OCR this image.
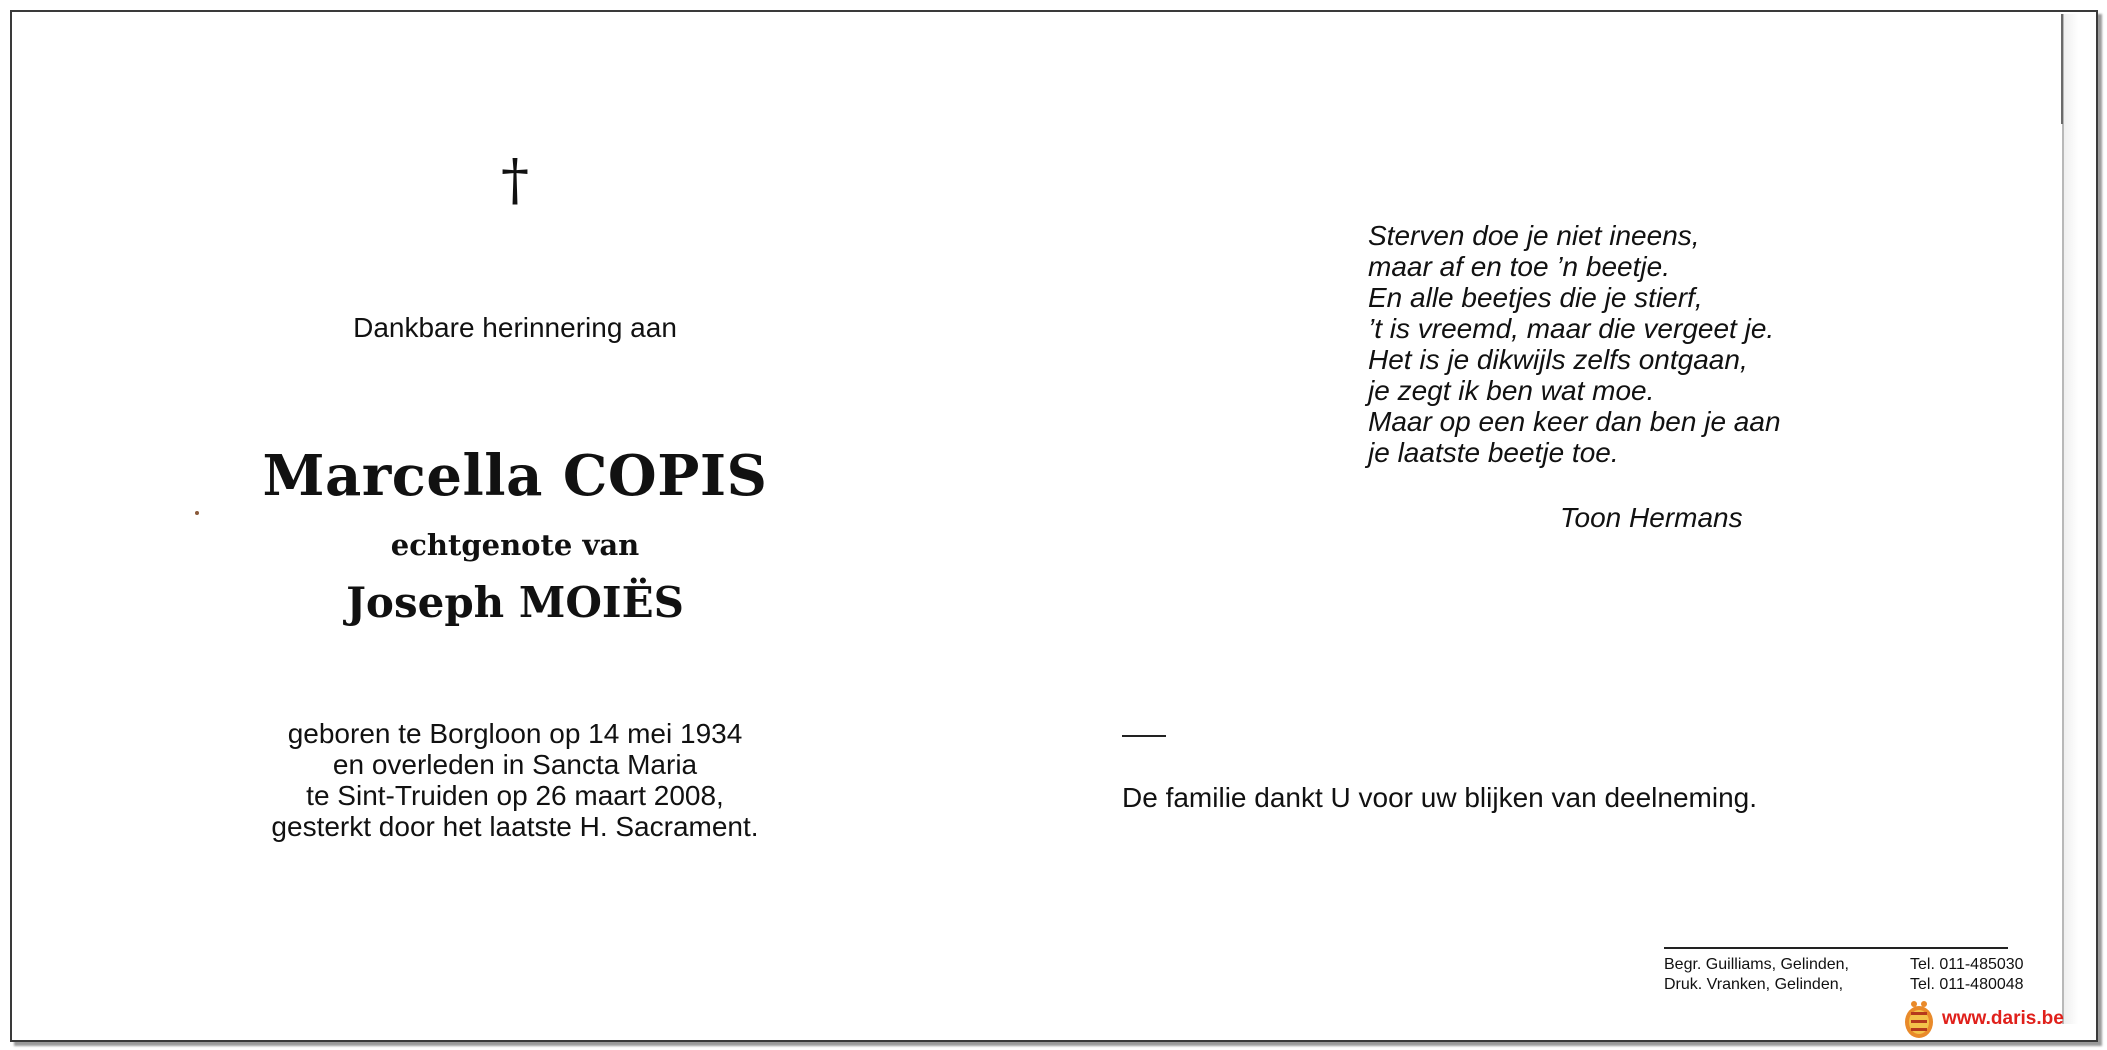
†
Dankbare herinnering aan
Marcella COPIS
echtgenote van
Joseph MOIËS
geboren te Borgloon op 14 mei 1934
en overleden in Sancta Maria
te Sint-Truiden op 26 maart 2008,
gesterkt door het laatste H. Sacrament.
Sterven doe je niet ineens,
maar af en toe ’n beetje.
En alle beetjes die je stierf,
’t is vreemd, maar die vergeet je.
Het is je dikwijls zelfs ontgaan,
je zegt ik ben wat moe.
Maar op een keer dan ben je aan
je laatste beetje toe.
Toon Hermans
De familie dankt U voor uw blijken van deelneming.
Begr. Guilliams, Gelinden,	Tel. 011-485030
Druk. Vranken, Gelinden,	Tel. 011-480048
www.daris.be
